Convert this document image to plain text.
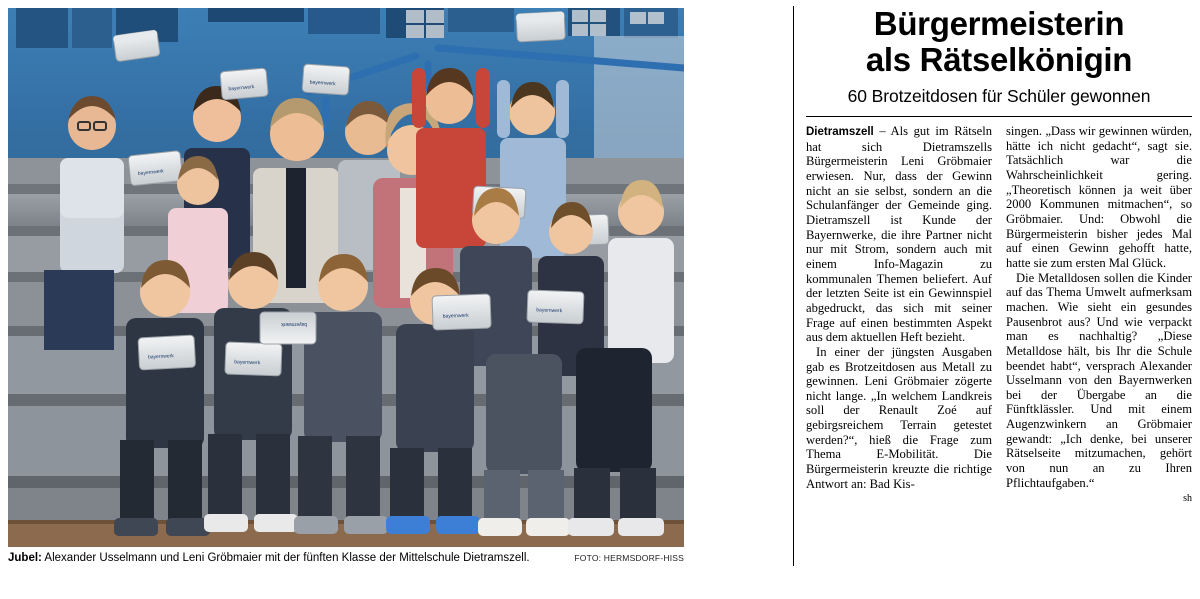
bayernwerk
bayernwerk
bayernwerk
bayernwerk
bayernwerk
bayernwerk
bayernwerk
bayernwerk
Jubel: Alexander Usselmann und Leni Gröbmaier mit der fünften Klasse der Mittelschule Dietramszell.	FOTO: HERMSDORF-HISS
Bürgermeisterin
als Rätselkönigin
60 Brotzeitdosen für Schüler gewonnen

Dietramszell – Als gut im Rätseln hat sich Dietramszells Bürgermeisterin Leni Gröbmaier erwiesen. Nur, dass der Gewinn nicht an sie selbst, sondern an die Schulanfänger der Gemeinde ging. Dietramszell ist Kunde der Bayernwerke, die ihre Partner nicht nur mit Strom, sondern auch mit einem Info-Magazin zu kommunalen Themen beliefert. Auf der letzten Seite ist ein Gewinnspiel abgedruckt, das sich mit seiner Frage auf einen bestimmten Aspekt aus dem aktuellen Heft bezieht.

In einer der jüngsten Ausgaben gab es Brotzeitdosen aus Metall zu gewinnen. Leni Gröbmaier zögerte nicht lange. „In welchem Landkreis soll der Renault Zoé auf gebirgsreichem Terrain getestet werden?“, hieß die Frage zum Thema E-Mobilität. Die Bürgermeisterin kreuzte die richtige Antwort an: Bad Kis-

singen. „Dass wir gewinnen würden, hätte ich nicht gedacht“, sagt sie. Tatsächlich war die Wahrscheinlichkeit gering. „Theoretisch können ja weit über 2000 Kommunen mitmachen“, so Gröbmaier. Und: Obwohl die Bürgermeisterin bisher jedes Mal auf einen Gewinn gehofft hatte, hatte sie zum ersten Mal Glück.

Die Metalldosen sollen die Kinder auf das Thema Umwelt aufmerksam machen. Wie sieht ein gesundes Pausenbrot aus? Und wie verpackt man es nachhaltig? „Diese Metalldose hält, bis Ihr die Schule beendet habt“, versprach Alexander Usselmann von den Bayernwerken bei der Übergabe an die Fünftklässler. Und mit einem Augenzwinkern an Gröbmaier gewandt: „Ich denke, bei unserer Rätselseite mitzumachen, gehört von nun an zu Ihren Pflichtaufgaben.“

sh
